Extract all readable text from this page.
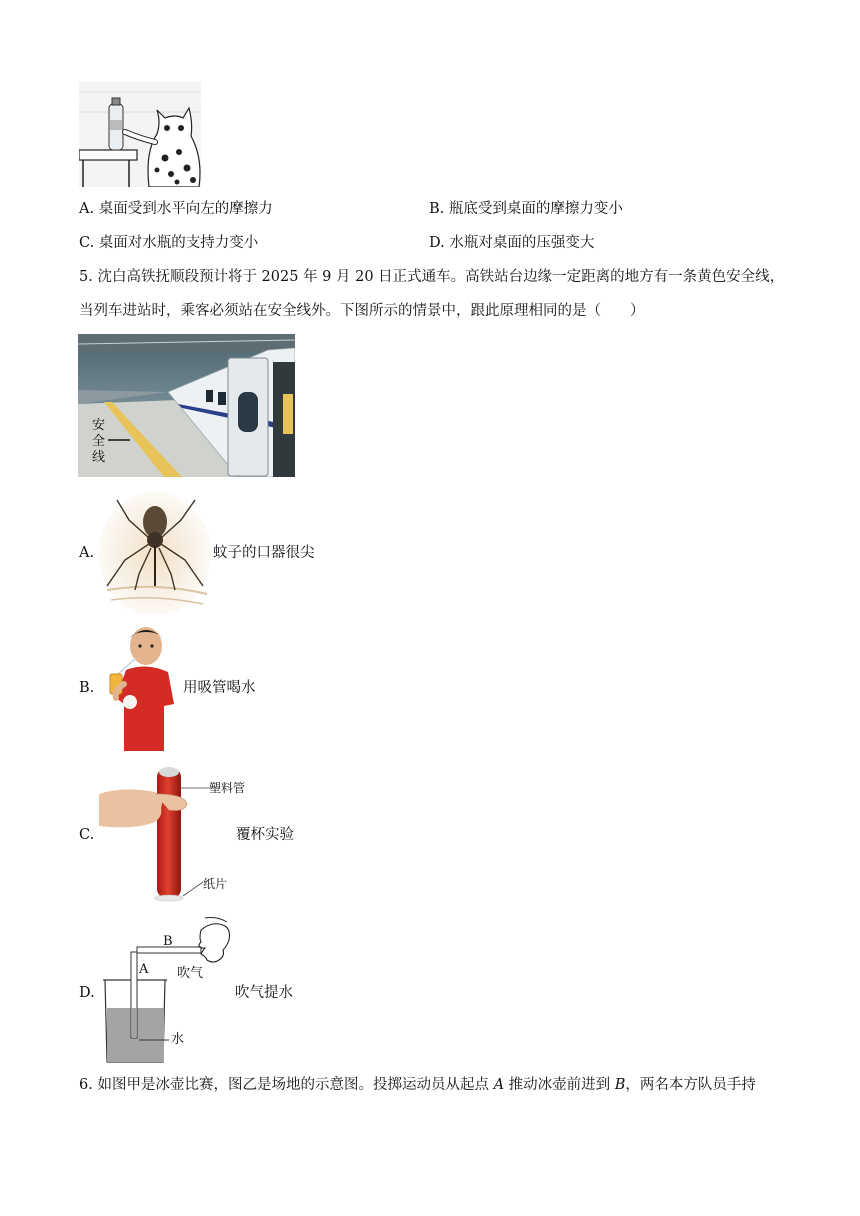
A. 桌面受到水平向左的摩擦力	B. 瓶底受到桌面的摩擦力变小
C. 桌面对水瓶的支持力变小	D. 水瓶对桌面的压强变大
5. 沈白高铁抚顺段预计将于 2025 年 9 月 20 日正式通车。高铁站台边缘一定距离的地方有一条黄色安全线，
当列车进站时，乘客必须站在安全线外。下图所示的情景中，跟此原理相同的是（　　）
安
全
线
A.	蚊子的口器很尖
B.	用吸管喝水
C.
塑料管
纸片
覆杯实验
D.
B
A 吹气
水
吹气提水
6. 如图甲是冰壶比赛，图乙是场地的示意图。投掷运动员从起点 A 推动冰壶前进到 B，两名本方队员手持
